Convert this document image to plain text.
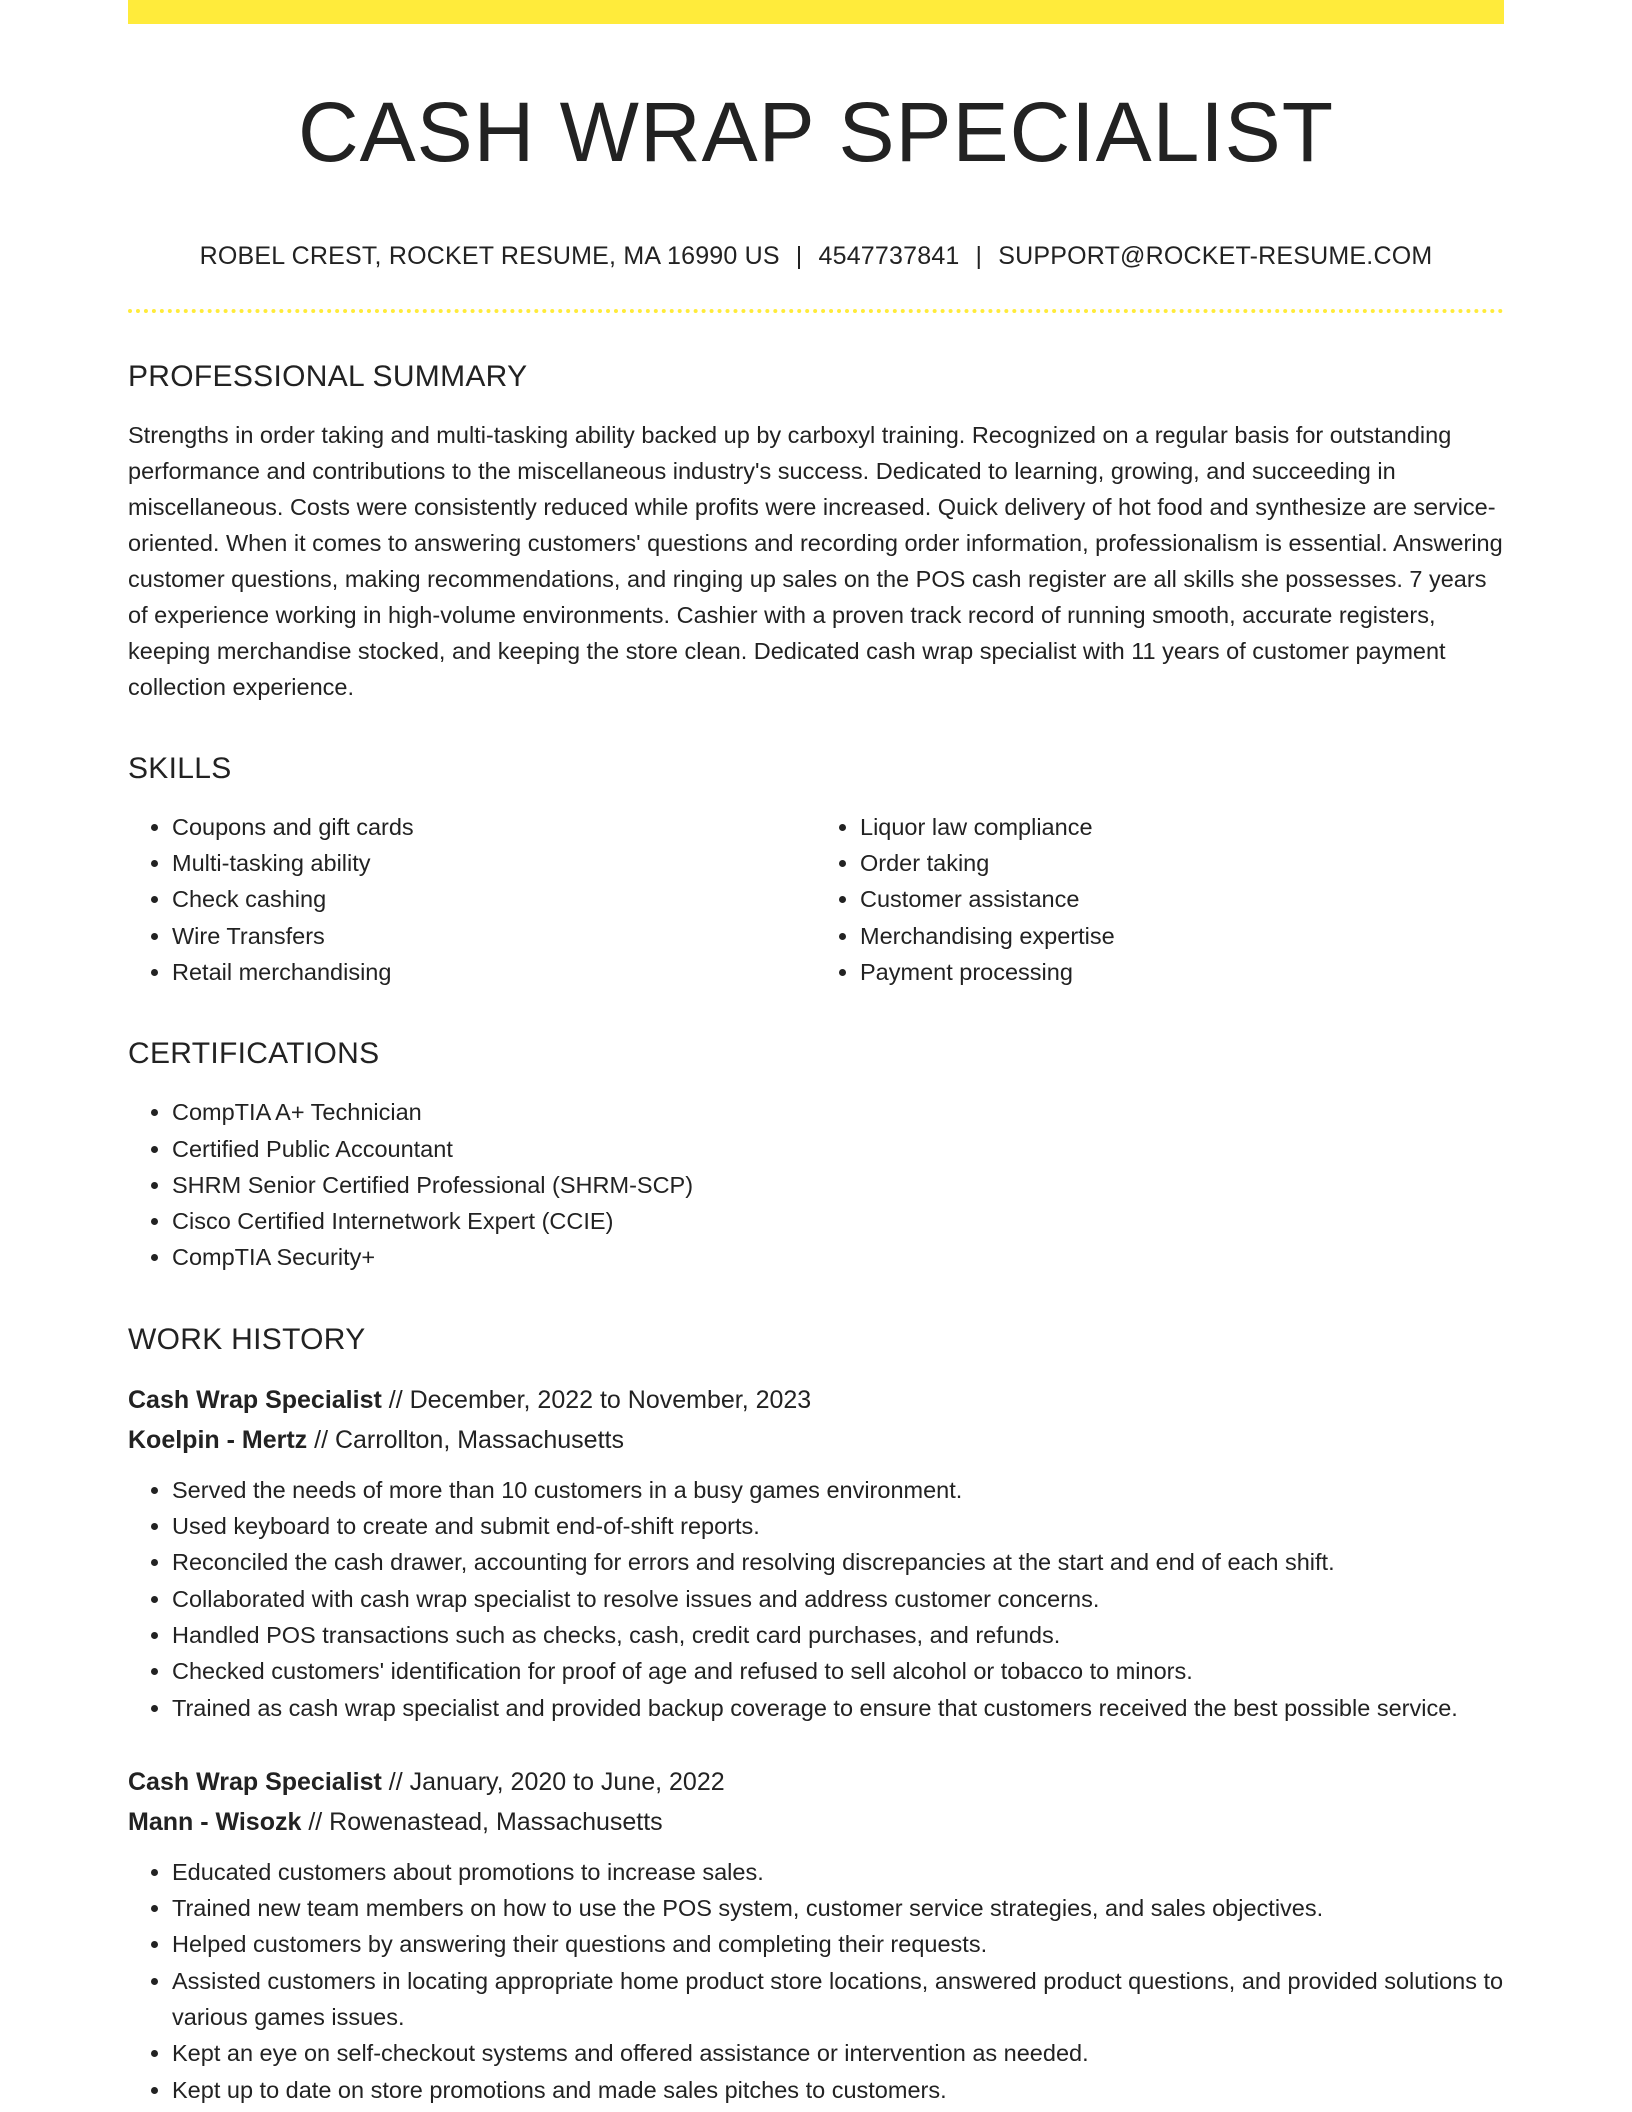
CASH WRAP SPECIALIST
ROBEL CREST, ROCKET RESUME, MA 16990 US | 4547737841 | SUPPORT@ROCKET-RESUME.COM
PROFESSIONAL SUMMARY

Strengths in order taking and multi-tasking ability backed up by carboxyl training. Recognized on a regular basis for outstanding performance and contributions to the miscellaneous industry's success. Dedicated to learning, growing, and succeeding in miscellaneous. Costs were consistently reduced while profits were increased. Quick delivery of hot food and synthesize are service-oriented. When it comes to answering customers' questions and recording order information, professionalism is essential. Answering customer questions, making recommendations, and ringing up sales on the POS cash register are all skills she possesses. 7 years of experience working in high-volume environments. Cashier with a proven track record of running smooth, accurate registers, keeping merchandise stocked, and keeping the store clean. Dedicated cash wrap specialist with 11 years of customer payment collection experience.

SKILLS
• Coupons and gift cards
• Multi-tasking ability
• Check cashing
• Wire Transfers
• Retail merchandising
• Liquor law compliance
• Order taking
• Customer assistance
• Merchandising expertise
• Payment processing
CERTIFICATIONS
• CompTIA A+ Technician
• Certified Public Accountant
• SHRM Senior Certified Professional (SHRM-SCP)
• Cisco Certified Internetwork Expert (CCIE)
• CompTIA Security+
WORK HISTORY
Cash Wrap Specialist // December, 2022 to November, 2023
Koelpin - Mertz // Carrollton, Massachusetts
• Served the needs of more than 10 customers in a busy games environment.
• Used keyboard to create and submit end-of-shift reports.
• Reconciled the cash drawer, accounting for errors and resolving discrepancies at the start and end of each shift.
• Collaborated with cash wrap specialist to resolve issues and address customer concerns.
• Handled POS transactions such as checks, cash, credit card purchases, and refunds.
• Checked customers' identification for proof of age and refused to sell alcohol or tobacco to minors.
• Trained as cash wrap specialist and provided backup coverage to ensure that customers received the best possible service.
Cash Wrap Specialist // January, 2020 to June, 2022
Mann - Wisozk // Rowenastead, Massachusetts
• Educated customers about promotions to increase sales.
• Trained new team members on how to use the POS system, customer service strategies, and sales objectives.
• Helped customers by answering their questions and completing their requests.
• Assisted customers in locating appropriate home product store locations, answered product questions, and provided solutions to various games issues.
• Kept an eye on self-checkout systems and offered assistance or intervention as needed.
• Kept up to date on store promotions and made sales pitches to customers.
